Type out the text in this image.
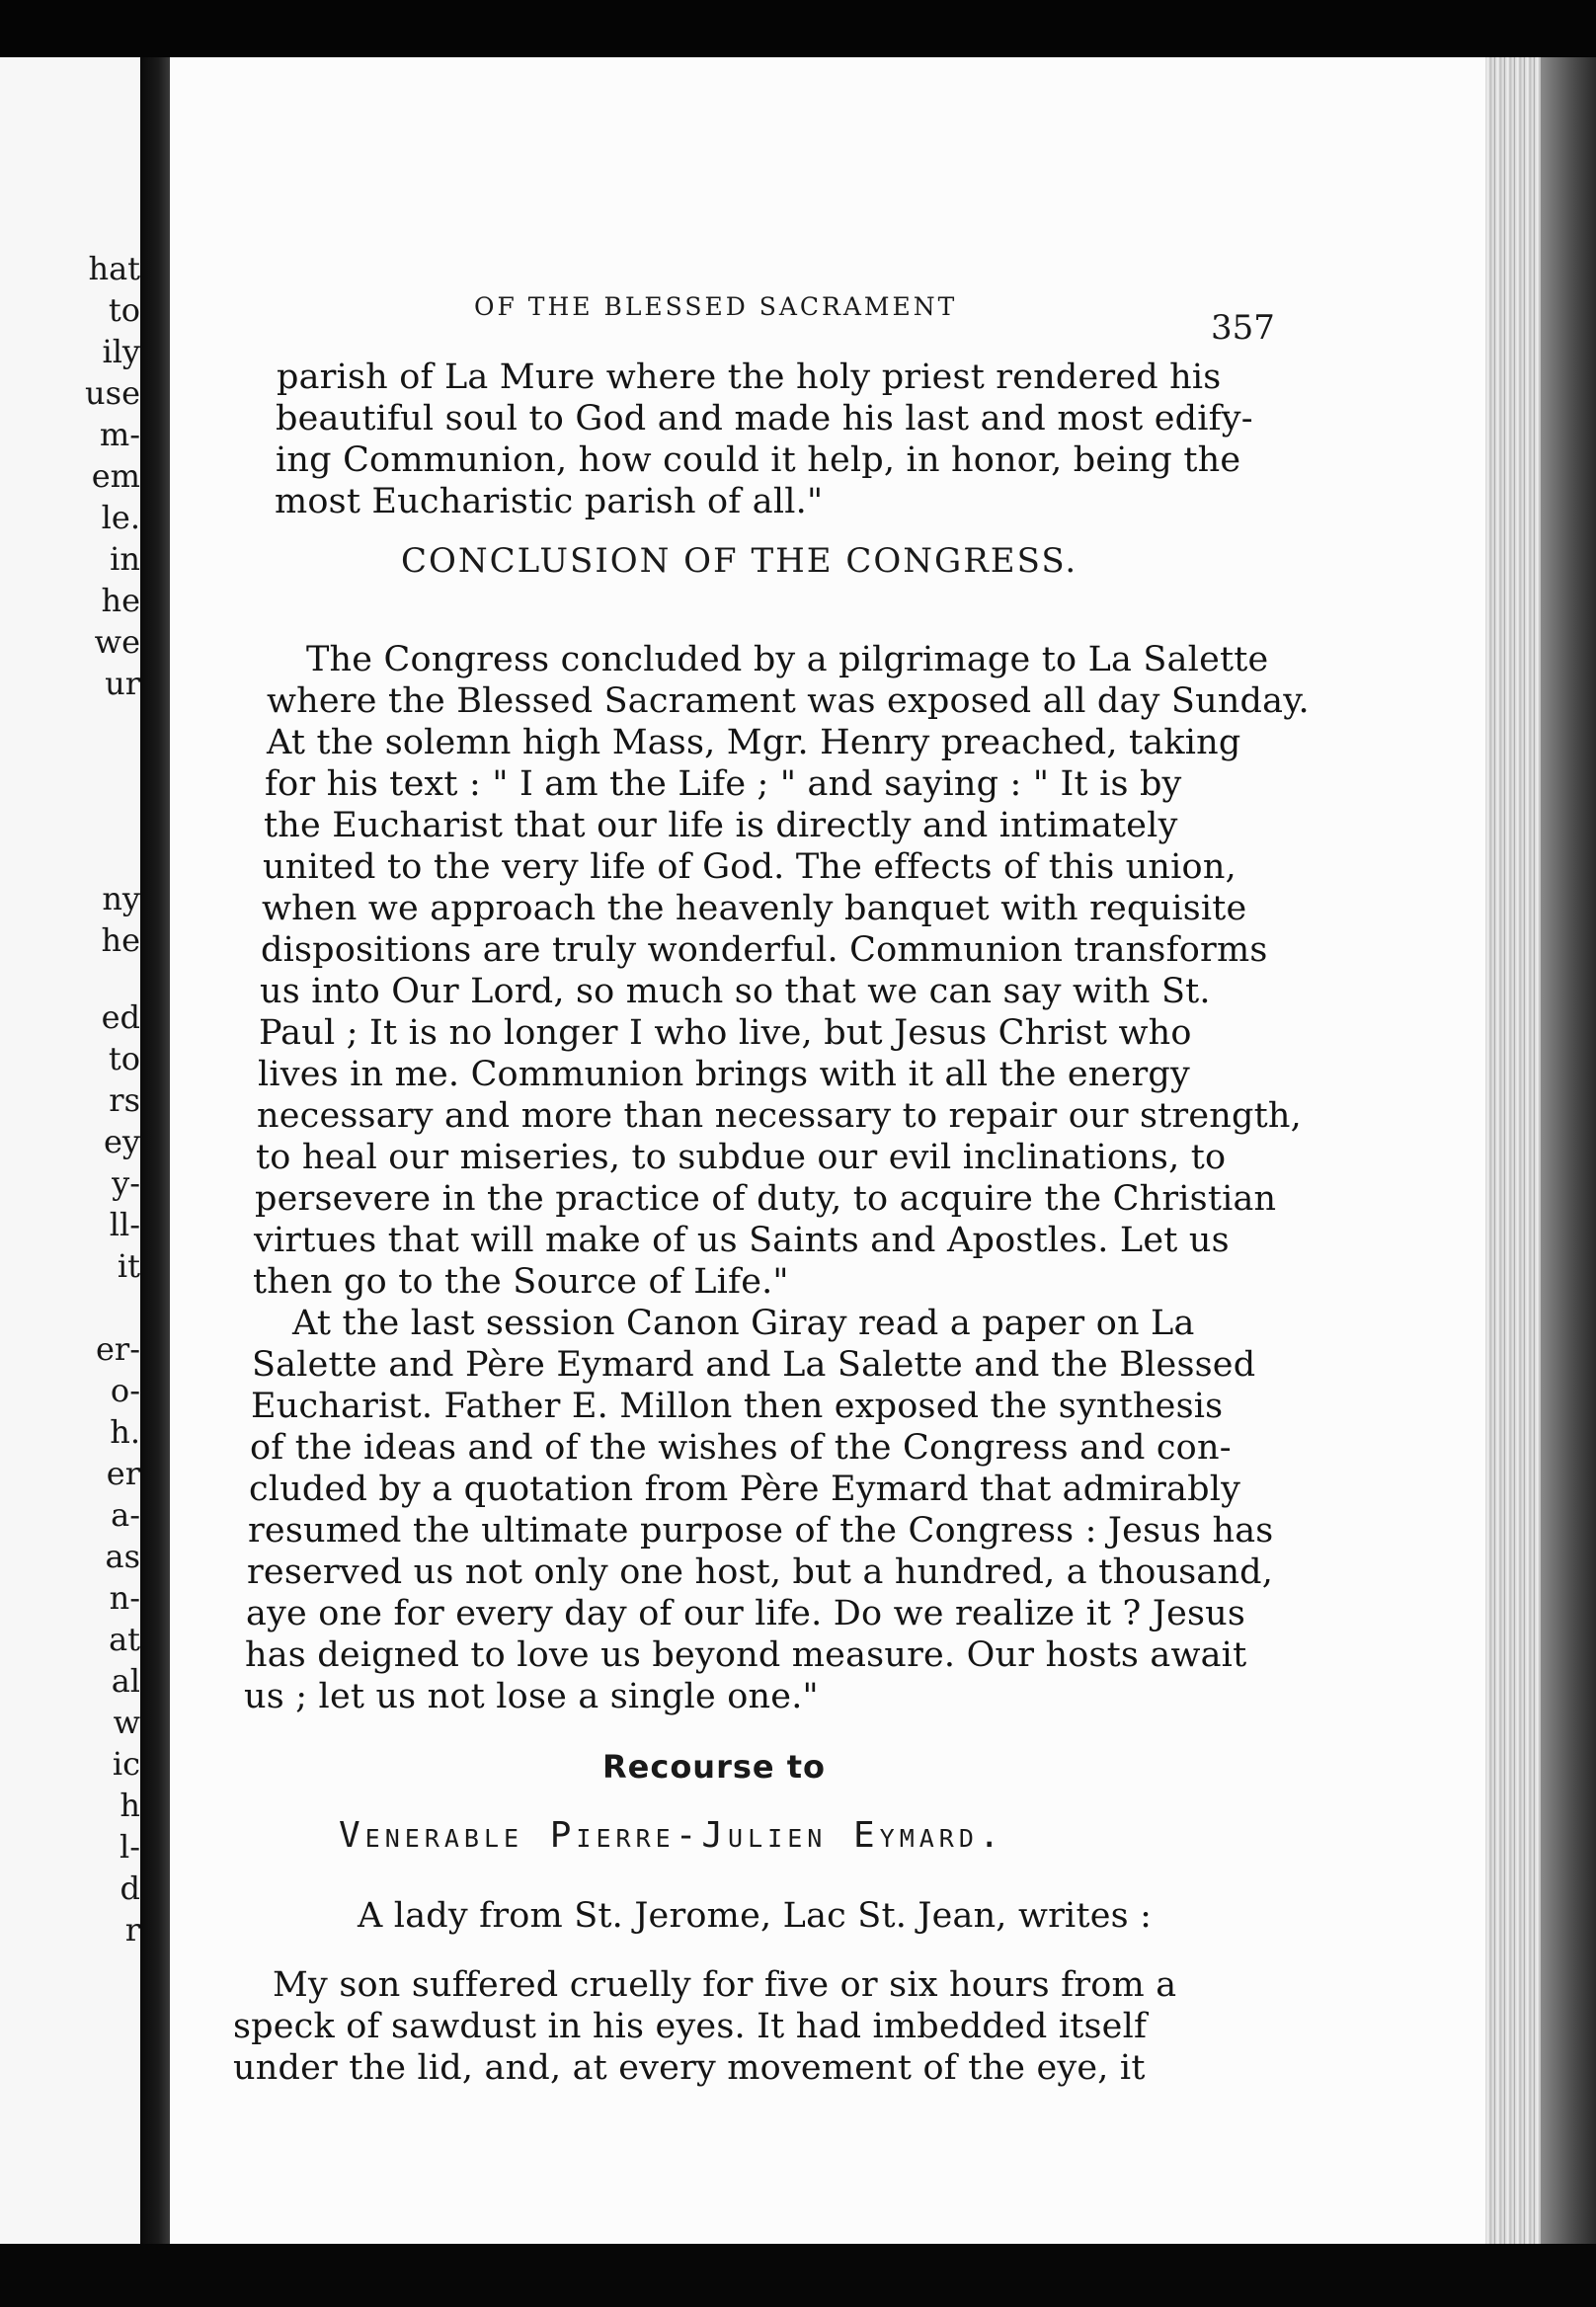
hat
to
ily
use
m-
em
le.
in
he
we
ur
ny
he
ed
to
rs
ey
y-
ll-
it
er-
o-
h.
er
a-
as
n-
at
al
w
ic
h
l-
d
r
OF THE BLESSED SACRAMENT
357
parish of La Mure where the holy priest rendered his
beautiful soul to God and made his last and most edify-
ing Communion, how could it help, in honor, being the
most Eucharistic parish of all."
CONCLUSION OF THE CONGRESS.
The Congress concluded by a pilgrimage to La Salette
where the Blessed Sacrament was exposed all day Sunday.
At the solemn high Mass, Mgr. Henry preached, taking
for his text : " I am the Life ; " and saying : " It is by
the Eucharist that our life is directly and intimately
united to the very life of God. The effects of this union,
when we approach the heavenly banquet with requisite
dispositions are truly wonderful. Communion transforms
us into Our Lord, so much so that we can say with St.
Paul ; It is no longer I who live, but Jesus Christ who
lives in me. Communion brings with it all the energy
necessary and more than necessary to repair our strength,
to heal our miseries, to subdue our evil inclinations, to
persevere in the practice of duty, to acquire the Christian
virtues that will make of us Saints and Apostles. Let us
then go to the Source of Life."
At the last session Canon Giray read a paper on La
Salette and Père Eymard and La Salette and the Blessed
Eucharist. Father E. Millon then exposed the synthesis
of the ideas and of the wishes of the Congress and con-
cluded by a quotation from Père Eymard that admirably
resumed the ultimate purpose of the Congress : Jesus has
reserved us not only one host, but a hundred, a thousand,
aye one for every day of our life. Do we realize it ? Jesus
has deigned to love us beyond measure. Our hosts await
us ; let us not lose a single one."
Recourse to
Venerable Pierre-Julien Eymard.
A lady from St. Jerome, Lac St. Jean, writes :
My son suffered cruelly for five or six hours from a
speck of sawdust in his eyes. It had imbedded itself
under the lid, and, at every movement of the eye, it
